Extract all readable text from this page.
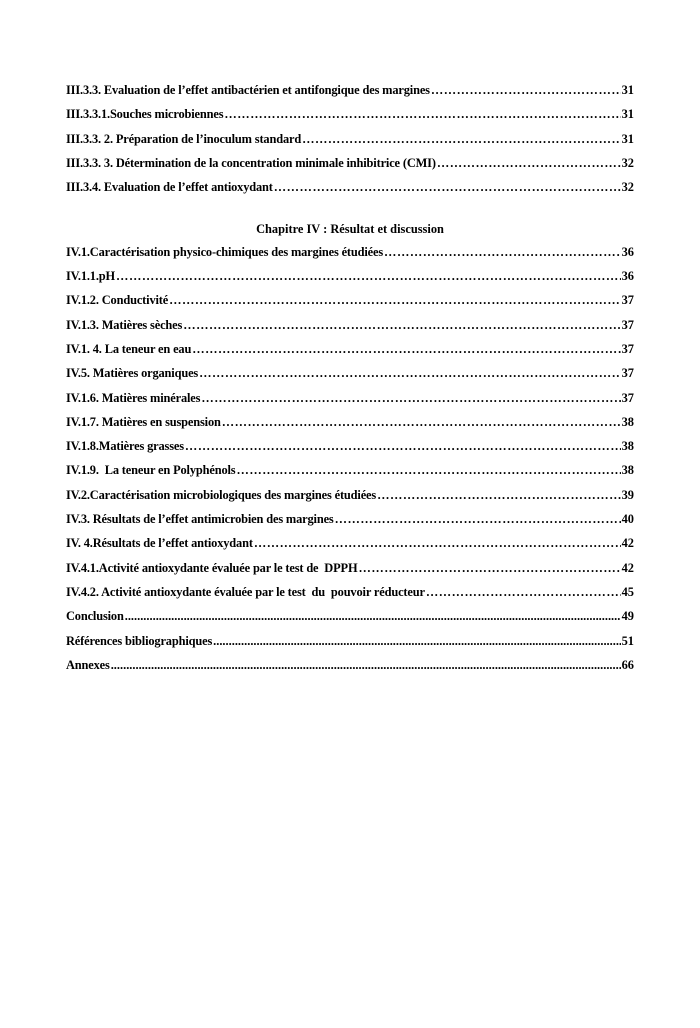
III.3.3. Evaluation de l’effet antibactérien et antifongique des margines ………………………………………………………………………………………………………………………………………………………………………………	31
III.3.3.1.Souches microbiennes ………………………………………………………………………………………………………………………………………………………………………………	31
III.3.3. 2. Préparation de l’inoculum standard ………………………………………………………………………………………………………………………………………………………………………………	31
III.3.3. 3. Détermination de la concentration minimale inhibitrice (CMI) ………………………………………………………………………………………………………………………………………………………………………………	32
III.3.4. Evaluation de l’effet antioxydant ………………………………………………………………………………………………………………………………………………………………………………	32
Chapitre IV : Résultat et discussion
IV.1.Caractérisation physico-chimiques des margines étudiées ………………………………………………………………………………………………………………………………………………………………………………	36
IV.1.1.pH ………………………………………………………………………………………………………………………………………………………………………………	36
IV.1.2. Conductivité ………………………………………………………………………………………………………………………………………………………………………………	37
IV.1.3. Matières sèches ………………………………………………………………………………………………………………………………………………………………………………	37
IV.1. 4. La teneur en eau ………………………………………………………………………………………………………………………………………………………………………………	37
IV.5. Matières organiques ………………………………………………………………………………………………………………………………………………………………………………	37
IV.1.6. Matières minérales ………………………………………………………………………………………………………………………………………………………………………………	37
IV.1.7. Matières en suspension ………………………………………………………………………………………………………………………………………………………………………………	38
IV.1.8.Matières grasses ………………………………………………………………………………………………………………………………………………………………………………	38
IV.1.9.  La teneur en Polyphénols ………………………………………………………………………………………………………………………………………………………………………………	38
IV.2.Caractérisation microbiologiques des margines étudiées ………………………………………………………………………………………………………………………………………………………………………………	39
IV.3. Résultats de l’effet antimicrobien des margines ………………………………………………………………………………………………………………………………………………………………………………	40
IV. 4.Résultats de l’effet antioxydant ………………………………………………………………………………………………………………………………………………………………………………	42
IV.4.1.Activité antioxydante évaluée par le test de  DPPH ………………………………………………………………………………………………………………………………………………………………………………	42
IV.4.2. Activité antioxydante évaluée par le test  du  pouvoir réducteur ………………………………………………………………………………………………………………………………………………………………………………	45
Conclusion .....	49
Références bibliographiques .....	51
Annexes .....	66
